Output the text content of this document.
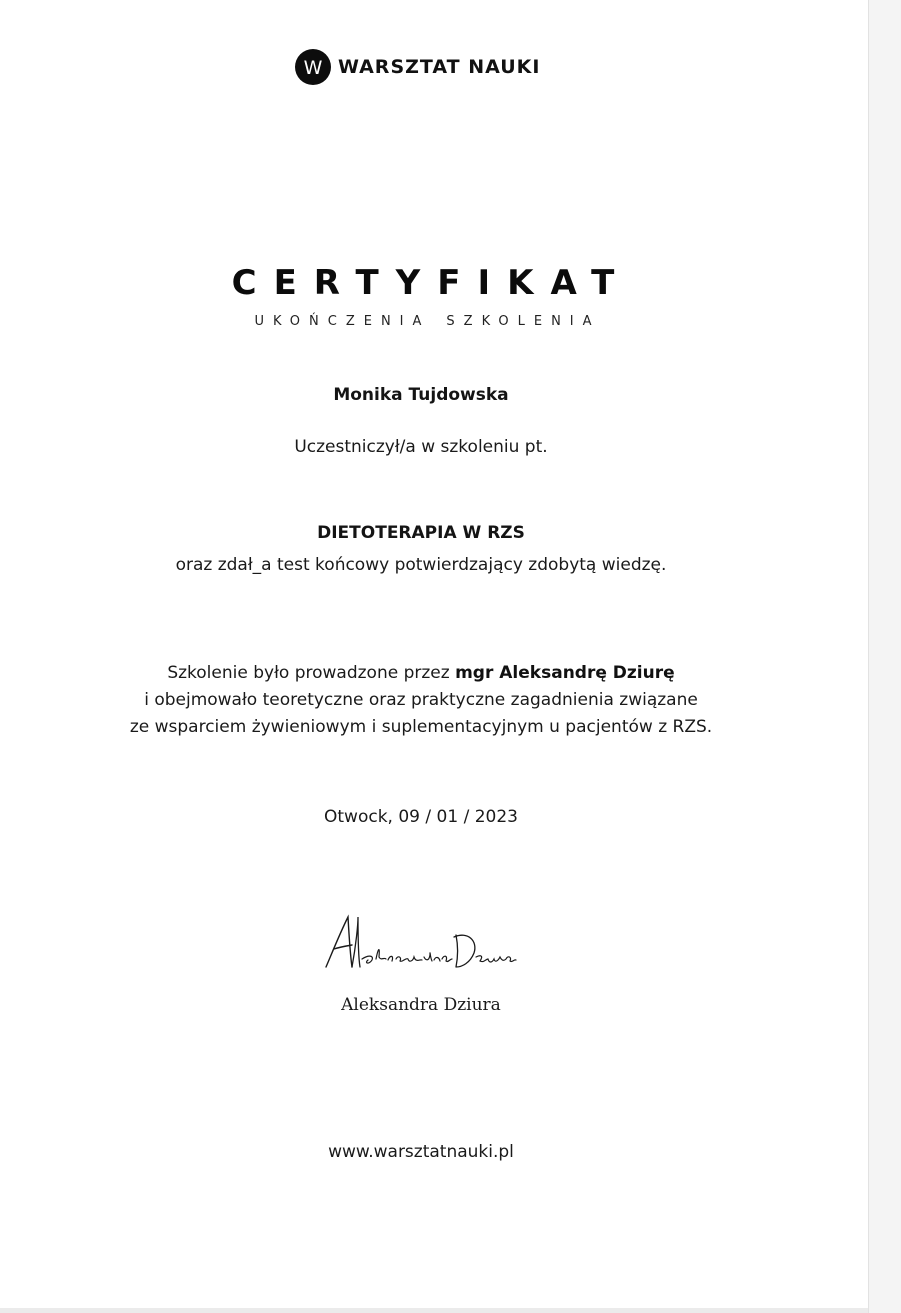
W WARSZTAT NAUKI
CERTYFIKAT
UKOŃCZENIA SZKOLENIA
Monika Tujdowska
Uczestniczył/a w szkoleniu pt.
DIETOTERAPIA W RZS
oraz zdał_a test końcowy potwierdzający zdobytą wiedzę.
Szkolenie było prowadzone przez mgr Aleksandrę Dziurę
i obejmowało teoretyczne oraz praktyczne zagadnienia związane
ze wsparciem żywieniowym i suplementacyjnym u pacjentów z RZS.
Otwock, 09 / 01 / 2023
Aleksandra Dziura
www.warsztatnauki.pl
